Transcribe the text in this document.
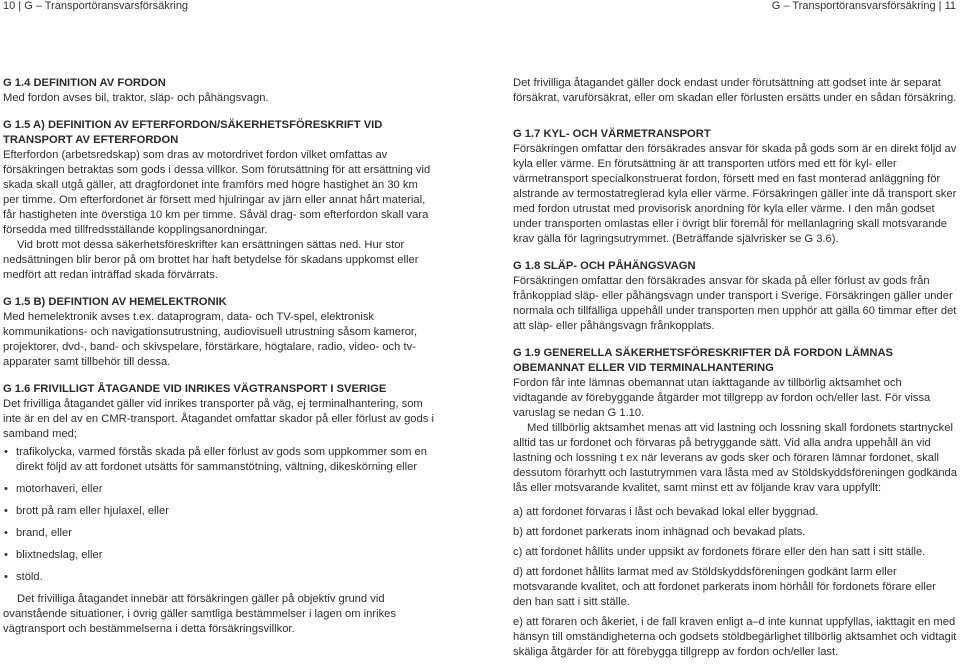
10 | G – Transportöransvarsförsäkring	G – Transportöransvarsförsäkring | 11

G 1.4 DEFINITION AV FORDON

Med fordon avses bil, traktor, släp- och påhängsvagn.

G 1.5 A) DEFINITION AV EFTERFORDON/SÄKERHETSFÖRESKRIFT VID TRANSPORT AV EFTERFORDON

Efterfordon (arbetsredskap) som dras av motordrivet fordon vilket omfattas av försäkringen betraktas som gods i dessa villkor. Som förutsättning för att ersättning vid skada skall utgå gäller, att dragfordonet inte framförs med högre hastighet än 30 km per timme. Om efterfordonet är försett med hjulringar av järn eller annat hårt material, får hastigheten inte överstiga 10 km per timme. Såväl drag- som efterfordon skall vara försedda med tillfredsställande kopplingsanordningar.

Vid brott mot dessa säkerhetsföreskrifter kan ersättningen sättas ned. Hur stor nedsättningen blir beror på om brottet har haft betydelse för skadans uppkomst eller medfört att redan inträffad skada förvärrats.

G 1.5 B) DEFINTION AV HEMELEKTRONIK

Med hemelektronik avses t.ex. dataprogram, data- och TV-spel, elektronisk kommunikations- och navigationsutrustning, audiovisuell utrustning såsom kameror, projektorer, dvd-, band- och skivspelare, förstärkare, högtalare, radio, video- och tv-apparater samt tillbehör till dessa.

G 1.6 FRIVILLIGT ÅTAGANDE VID INRIKES VÄGTRANSPORT I SVERIGE

Det frivilliga åtagandet gäller vid inrikes transporter på väg, ej terminalhantering, som inte är en del av en CMR-transport. Åtagandet omfattar skador på eller förlust av gods i samband med;

• trafikolycka, varmed förstås skada på eller förlust av gods som uppkommer som en direkt följd av att fordonet utsätts för sammanstötning, vältning, dikeskörning eller
• motorhaveri, eller
• brott på ram eller hjulaxel, eller
• brand, eller
• blixtnedslag, eller
• stöld.

Det frivilliga åtagandet innebär att försäkringen gäller på objektiv grund vid ovanstående situationer, i övrig gäller samtliga bestämmelser i lagen om inrikes vägtransport och bestämmelserna i detta försäkringsvillkor.

Det frivilliga åtagandet gäller dock endast under förutsättning att godset inte är separat försäkrat, varuförsäkrat, eller om skadan eller förlusten ersätts under en sådan försäkring.

G 1.7 KYL- OCH VÄRMETRANSPORT

Försäkringen omfattar den försäkrades ansvar för skada på gods som är en direkt följd av kyla eller värme. En förutsättning är att transporten utförs med ett för kyl- eller värmetransport specialkonstruerat fordon, försett med en fast monterad anläggning för alstrande av termostatreglerad kyla eller värme. Försäkringen gäller inte då transport sker med fordon utrustat med provisorisk anordning för kyla eller värme. I den mån godset under transporten omlastas eller i övrigt blir föremål för mellanlagring skall motsvarande krav gälla för lagringsutrymmet. (Beträffande självrisker se G 3.6).

G 1.8 SLÄP- OCH PÅHÄNGSVAGN

Försäkringen omfattar den försäkrades ansvar för skada på eller förlust av gods från frånkopplad släp- eller påhängsvagn under transport i Sverige. Försäkringen gäller under normala och tillfälliga uppehåll under transporten men upphör att gälla 60 timmar efter det att släp- eller påhängsvagn frånkopplats.

G 1.9 GENERELLA SÄKERHETSFÖRESKRIFTER DÅ FORDON LÄMNAS OBEMANNAT ELLER VID TERMINALHANTERING

Fordon får inte lämnas obemannat utan iakttagande av tillbörlig aktsamhet och vidtagande av förebyggande åtgärder mot tillgrepp av fordon och/eller last. För vissa varuslag se nedan G 1.10.

Med tillbörlig aktsamhet menas att vid lastning och lossning skall fordonets startnyckel alltid tas ur fordonet och förvaras på betryggande sätt. Vid alla andra uppehåll än vid lastning och lossning t ex när leverans av gods sker och föraren lämnar fordonet, skall dessutom förarhytt och lastutrymmen vara låsta med av Stöldskyddsföreningen godkända lås eller motsvarande kvalitet, samt minst ett av följande krav vara uppfyllt:

a) att fordonet förvaras i låst och bevakad lokal eller byggnad.

b) att fordonet parkerats inom inhägnad och bevakad plats.

c) att fordonet hållits under uppsikt av fordonets förare eller den han satt i sitt ställe.

d) att fordonet hållits larmat med av Stöldskyddsföreningen godkänt larm eller motsvarande kvalitet, och att fordonet parkerats inom hörhåll för fordonets förare eller den han satt i sitt ställe.

e) att föraren och åkeriet, i de fall kraven enligt a–d inte kunnat uppfyllas, iakttagit en med hänsyn till omständigheterna och godsets stöldbegärlighet tillbörlig aktsamhet och vidtagit skäliga åtgärder för att förebygga tillgrepp av fordon och/eller last.
